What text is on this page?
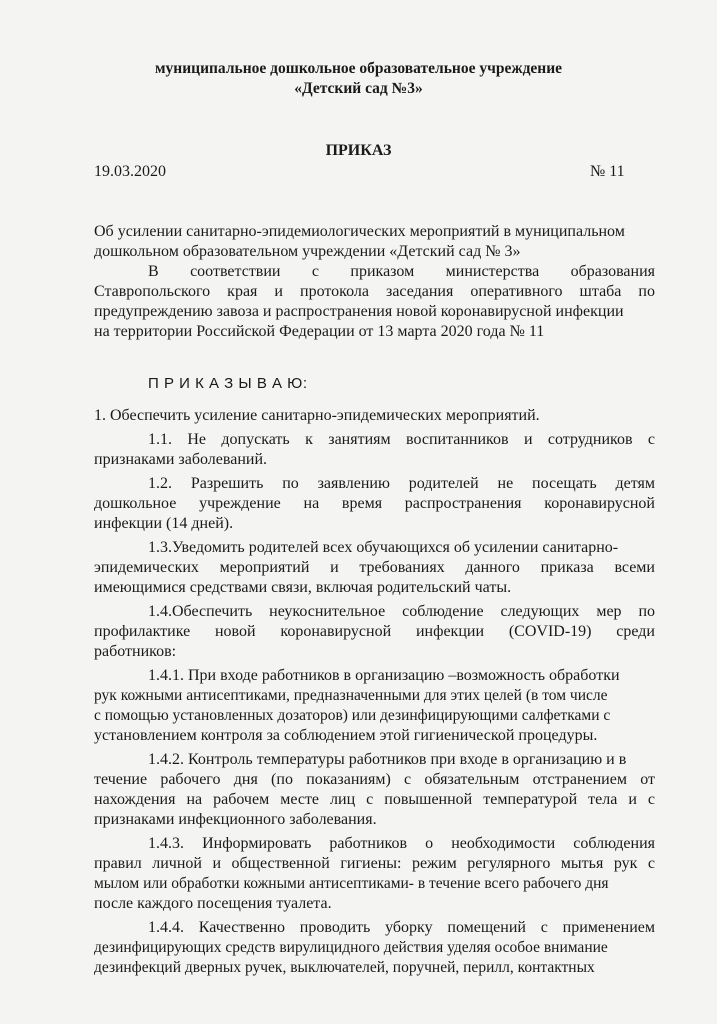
муниципальное дошкольное образовательное учреждение
«Детский сад №3»
ПРИКАЗ
19.03.2020	№ 11
Об усилении санитарно-эпидемиологических мероприятий в муниципальном
дошкольном образовательном учреждении «Детский сад № 3»
В соответствии с приказом министерства образования
Ставропольского края и протокола заседания оперативного штаба по
предупреждению завоза и распространения новой коронавирусной инфекции
на территории Российской Федерации от 13 марта 2020 года № 11
П Р И К А З Ы В А Ю:
1. Обеспечить усиление санитарно-эпидемических мероприятий.
1.1. Не допускать к занятиям воспитанников и сотрудников с
признаками заболеваний.
1.2. Разрешить по заявлению родителей не посещать детям
дошкольное учреждение на время распространения коронавирусной
инфекции (14 дней).
1.3.Уведомить родителей всех обучающихся об усилении санитарно-
эпидемических мероприятий и требованиях данного приказа всеми
имеющимися средствами связи, включая родительский чаты.
1.4.Обеспечить неукоснительное соблюдение следующих мер по
профилактике новой коронавирусной инфекции (COVID-19) среди
работников:
1.4.1. При входе работников в организацию –возможность обработки
рук кожными антисептиками, предназначенными для этих целей (в том числе
с помощью установленных дозаторов) или дезинфицирующими салфетками с
установлением контроля за соблюдением этой гигиенической процедуры.
1.4.2. Контроль температуры работников при входе в организацию и в
течение рабочего дня (по показаниям) с обязательным отстранением от
нахождения на рабочем месте лиц с повышенной температурой тела и с
признаками инфекционного заболевания.
1.4.3. Информировать работников о необходимости соблюдения
правил личной и общественной гигиены: режим регулярного мытья рук с
мылом или обработки кожными антисептиками- в течение всего рабочего дня
после каждого посещения туалета.
1.4.4. Качественно проводить уборку помещений с применением
дезинфицирующих средств вирулицидного действия уделяя особое внимание
дезинфекций дверных ручек, выключателей, поручней, перилл, контактных
